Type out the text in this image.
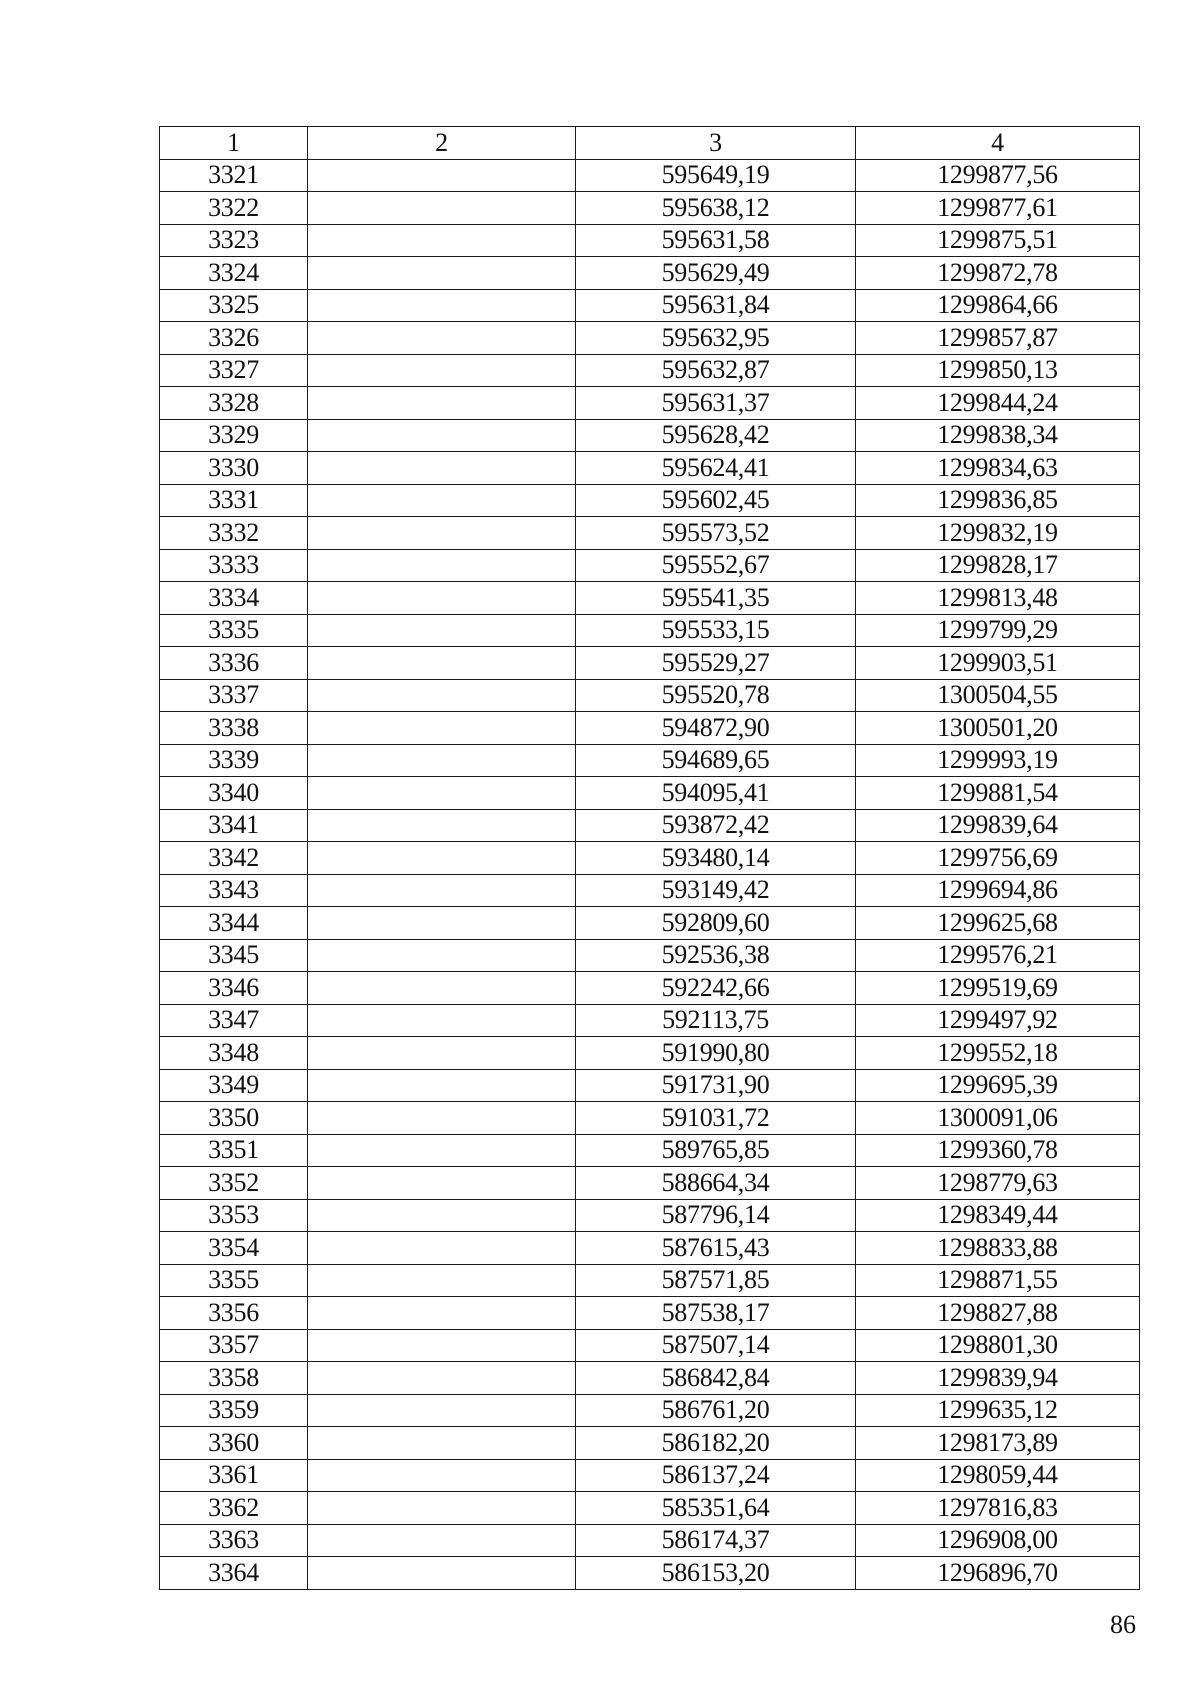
1	2	3	4
3321		595649,19	1299877,56
3322		595638,12	1299877,61
3323		595631,58	1299875,51
3324		595629,49	1299872,78
3325		595631,84	1299864,66
3326		595632,95	1299857,87
3327		595632,87	1299850,13
3328		595631,37	1299844,24
3329		595628,42	1299838,34
3330		595624,41	1299834,63
3331		595602,45	1299836,85
3332		595573,52	1299832,19
3333		595552,67	1299828,17
3334		595541,35	1299813,48
3335		595533,15	1299799,29
3336		595529,27	1299903,51
3337		595520,78	1300504,55
3338		594872,90	1300501,20
3339		594689,65	1299993,19
3340		594095,41	1299881,54
3341		593872,42	1299839,64
3342		593480,14	1299756,69
3343		593149,42	1299694,86
3344		592809,60	1299625,68
3345		592536,38	1299576,21
3346		592242,66	1299519,69
3347		592113,75	1299497,92
3348		591990,80	1299552,18
3349		591731,90	1299695,39
3350		591031,72	1300091,06
3351		589765,85	1299360,78
3352		588664,34	1298779,63
3353		587796,14	1298349,44
3354		587615,43	1298833,88
3355		587571,85	1298871,55
3356		587538,17	1298827,88
3357		587507,14	1298801,30
3358		586842,84	1299839,94
3359		586761,20	1299635,12
3360		586182,20	1298173,89
3361		586137,24	1298059,44
3362		585351,64	1297816,83
3363		586174,37	1296908,00
3364		586153,20	1296896,70
86
